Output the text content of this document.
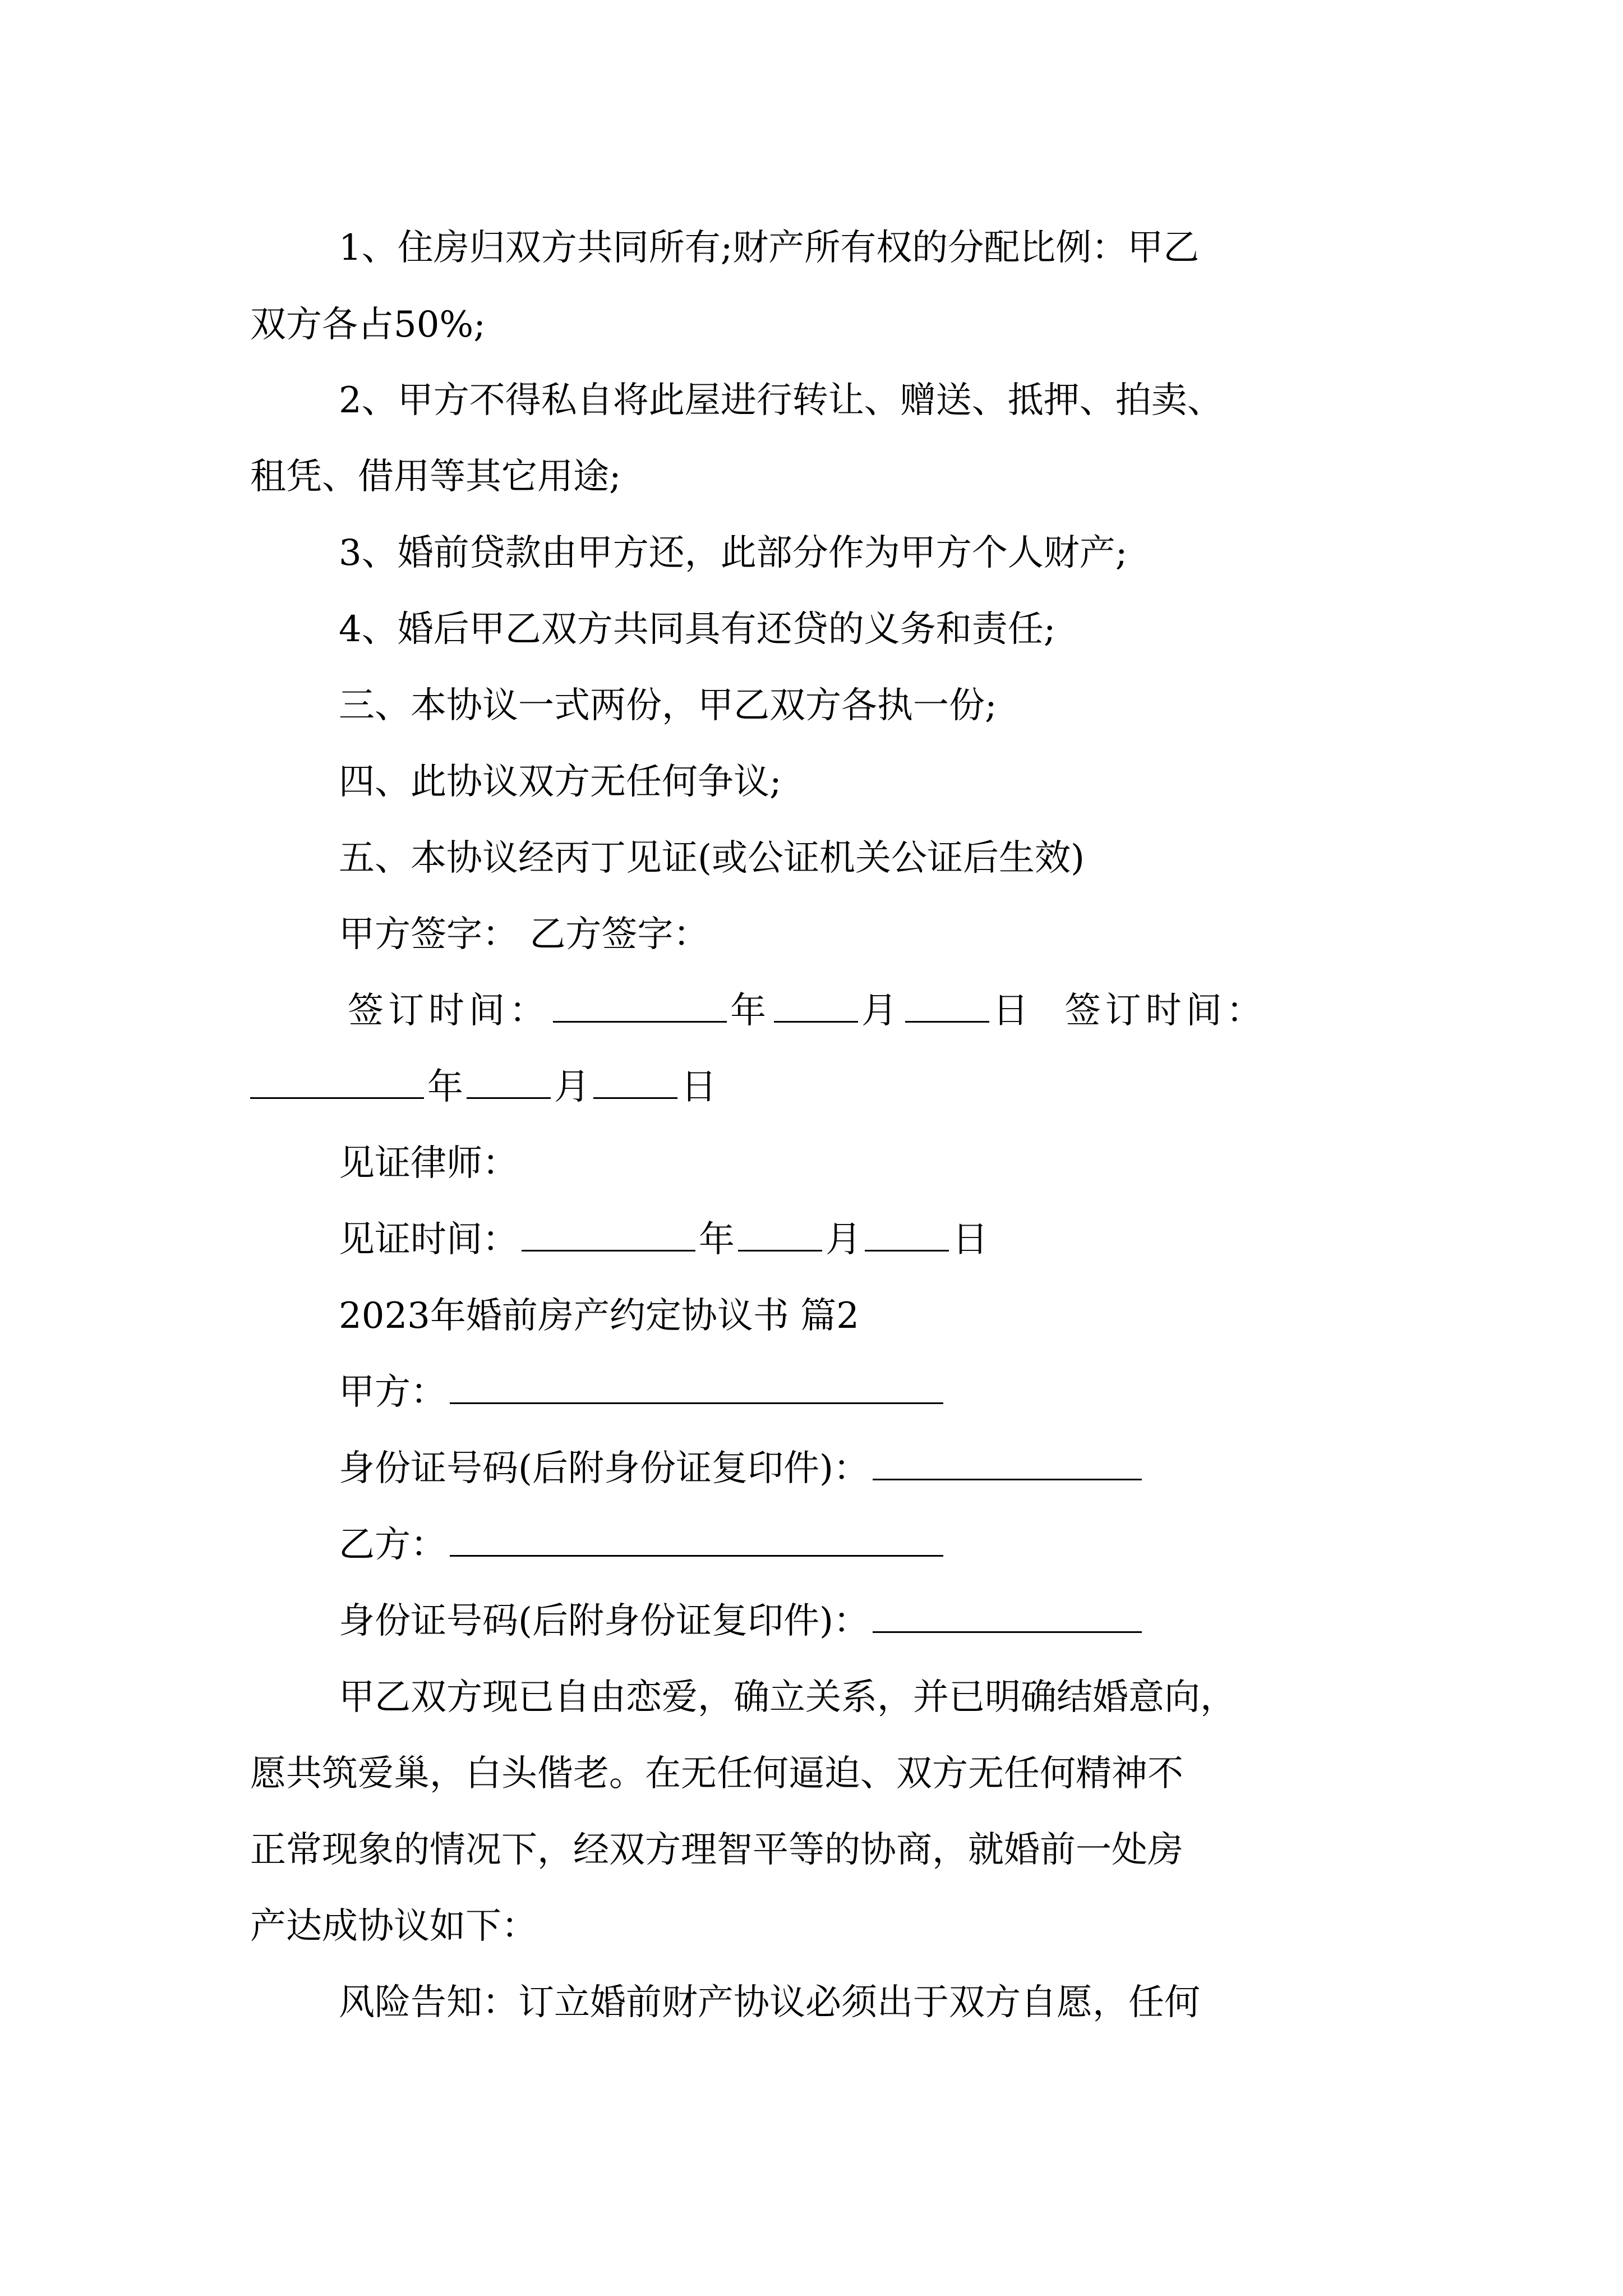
1、住房归双方共同所有;财产所有权的分配比例：甲乙
双方各占50%;
2、甲方不得私自将此屋进行转让、赠送、抵押、拍卖、
租凭、借用等其它用途;
3、婚前贷款由甲方还，此部分作为甲方个人财产;
4、婚后甲乙双方共同具有还贷的义务和责任;
三、本协议一式两份，甲乙双方各执一份;
四、此协议双方无任何争议;
五、本协议经丙丁见证(或公证机关公证后生效)
甲方签字： 乙方签字：
签订时间：	年	月	日 签订时间：
年	月	日
见证律师：
见证时间：	年	月	日
2023年婚前房产约定协议书 篇2
甲方：
身份证号码(后附身份证复印件)：
乙方：
身份证号码(后附身份证复印件)：
甲乙双方现已自由恋爱，确立关系，并已明确结婚意向，
愿共筑爱巢，白头偕老。在无任何逼迫、双方无任何精神不
正常现象的情况下，经双方理智平等的协商，就婚前一处房
产达成协议如下：
风险告知：订立婚前财产协议必须出于双方自愿，任何
